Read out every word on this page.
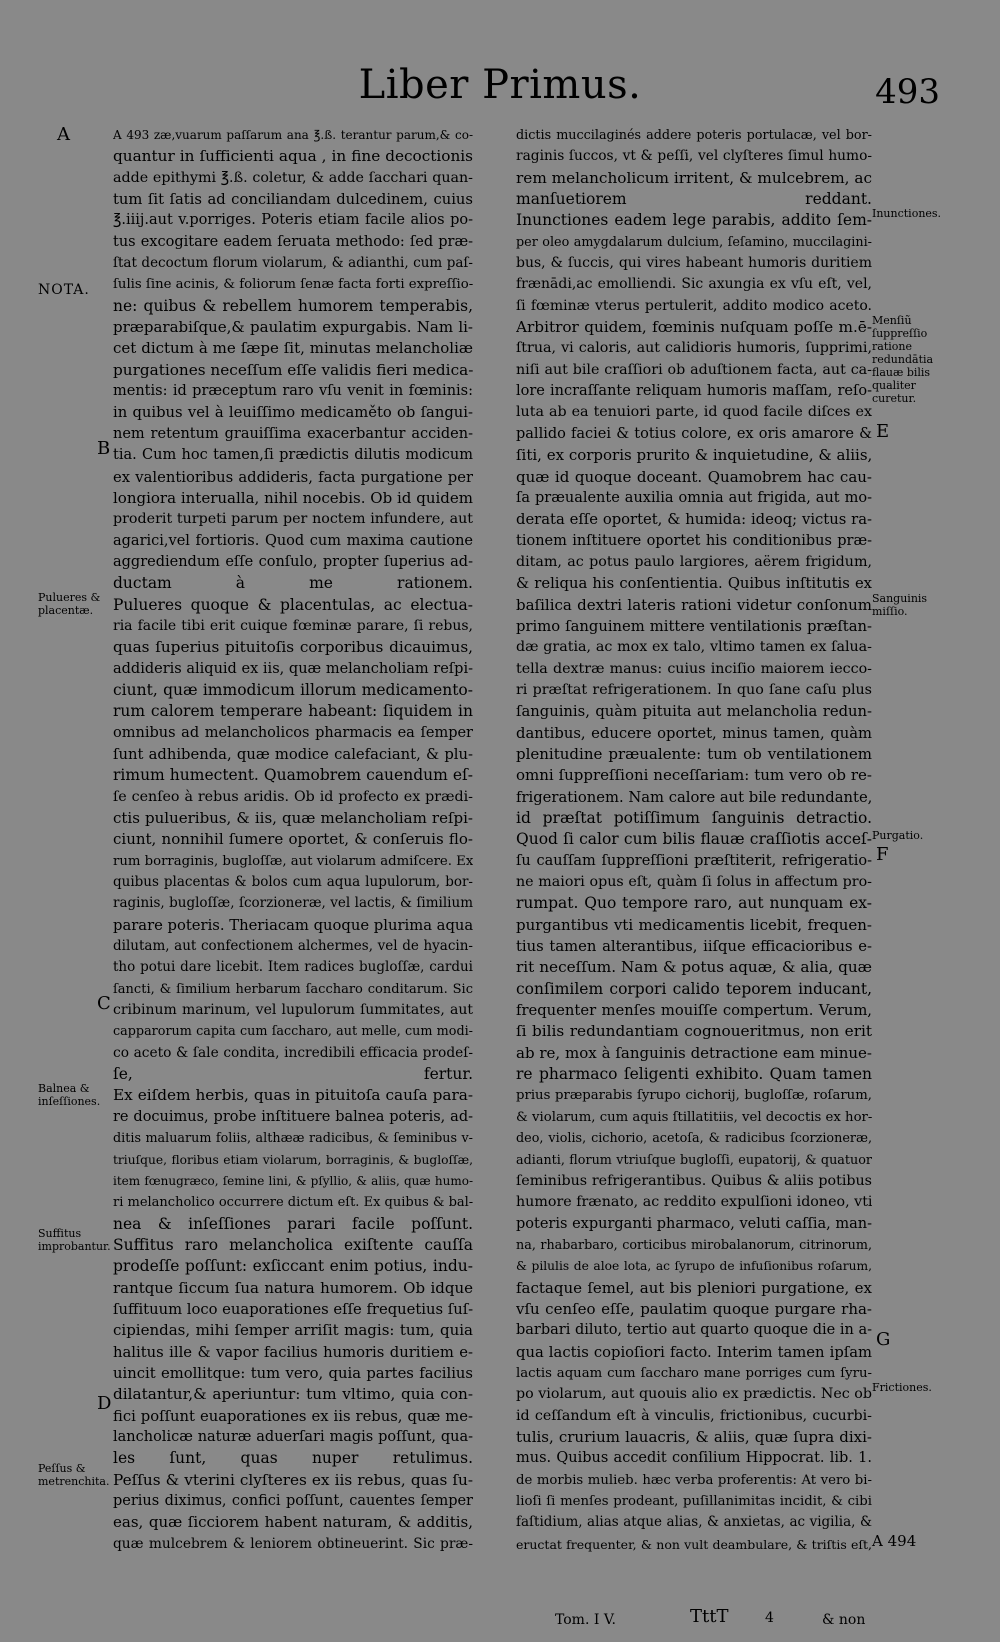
Liber Primus.	493
A 493 zæ,vuarum paſſarum ana ℥.ß. terantur parum,& co-
quantur in ſufficienti aqua , in fine decoctionis
adde epithymi ℥.ß. coletur, & adde ſacchari quan-
tum ſit ſatis ad conciliandam dulcedinem, cuius
℥.iiij.aut v.porriges. Poteris etiam facile alios po-
tus excogitare eadem ſeruata methodo: ſed præ-
ſtat decoctum florum violarum, & adianthi, cum paſ-
ſulis ſine acinis, & foliorum ſenæ facta forti expreſſio-
ne: quibus & rebellem humorem temperabis,
præparabiſque,& paulatim expurgabis. Nam li-
cet dictum à me ſæpe ſit, minutas melancholiæ
purgationes neceſſum eſſe validis fieri medica-
mentis: id præceptum raro vſu venit in fœminis:
in quibus vel à leuiſſimo medicaměto ob ſangui-
nem retentum grauiſſima exacerbantur acciden-
tia. Cum hoc tamen,ſi prædictis dilutis modicum
ex valentioribus addideris, facta purgatione per
longiora interualla, nihil nocebis. Ob id quidem
proderit turpeti parum per noctem infundere, aut
agarici,vel fortioris. Quod cum maxima cautione
aggrediendum eſſe conſulo, propter ſuperius ad-
ductam à me rationem.
Pulueres quoque & placentulas, ac electua-
ria facile tibi erit cuique fœminæ parare, ſi rebus,
quas ſuperius pituitoſis corporibus dicauimus,
addideris aliquid ex iis, quæ melancholiam reſpi-
ciunt, quæ immodicum illorum medicamento-
rum calorem temperare habeant: ſiquidem in
omnibus ad melancholicos pharmacis ea ſemper
ſunt adhibenda, quæ modice calefaciant, & plu-
rimum humectent. Quamobrem cauendum eſ-
ſe cenſeo à rebus aridis. Ob id profecto ex prædi-
ctis pulueribus, & iis, quæ melancholiam reſpi-
ciunt, nonnihil ſumere oportet, & conſeruis flo-
rum borraginis, bugloſſæ, aut violarum admiſcere. Ex
quibus placentas & bolos cum aqua lupulorum, bor-
raginis, bugloſſæ, ſcorzioneræ, vel lactis, & ſimilium
parare poteris. Theriacam quoque plurima aqua
dilutam, aut confectionem alchermes, vel de hyacin-
tho potui dare licebit. Item radices bugloſſæ, cardui
ſancti, & ſimilium herbarum ſaccharo conditarum. Sic
cribinum marinum, vel lupulorum ſummitates, aut
capparorum capita cum ſaccharo, aut melle, cum modi-
co aceto & ſale condita, incredibili efficacia prodeſ-
ſe, fertur.
Ex eiſdem herbis, quas in pituitoſa cauſa para-
re docuimus, probe inſtituere balnea poteris, ad-
ditis maluarum foliis, althææ radicibus, & ſeminibus v-
triuſque, floribus etiam violarum, borraginis, & bugloſſæ,
item fœnugræco, ſemine lini, & pſyllio, & aliis, quæ humo-
ri melancholico occurrere dictum eſt. Ex quibus & bal-
nea & inſeſſiones parari facile poſſunt.
Suffitus raro melancholica exiſtente cauſſa
prodeſſe poſſunt: exſiccant enim potius, indu-
rantque ſiccum ſua natura humorem. Ob idque
ſuffituum loco euaporationes eſſe frequetius ſuſ-
cipiendas, mihi ſemper arriſit magis: tum, quia
halitus ille & vapor facilius humoris duritiem e-
uincit emollitque: tum vero, quia partes facilius
dilatantur,& aperiuntur: tum vltimo, quia con-
fici poſſunt euaporationes ex iis rebus, quæ me-
lancholicæ naturæ aduerſari magis poſſunt, qua-
les ſunt, quas nuper retulimus.
Peſſus & vterini clyſteres ex iis rebus, quas ſu-
perius diximus, confici poſſunt, cauentes ſemper
eas, quæ ſicciorem habent naturam, & additis,
quæ mulcebrem & leniorem obtineuerint. Sic præ-
dictis muccilaginés addere poteris portulacæ, vel bor-
raginis ſuccos, vt & peſſi, vel clyſteres ſimul humo-
rem melancholicum irritent, & mulcebrem, ac
manſuetiorem reddant.
Inunctiones eadem lege parabis, addito ſem-
per oleo amygdalarum dulcium, ſeſamino, muccilagini-
bus, & ſuccis, qui vires habeant humoris duritiem
frænādi,ac emolliendi. Sic axungia ex vſu eſt, vel,
ſi fœminæ vterus pertulerit, addito modico aceto.
Arbitror quidem, fœminis nuſquam poſſe m.ē-
ſtrua, vi caloris, aut calidioris humoris, ſupprimi,
niſi aut bile craſſiori ob aduſtionem facta, aut ca-
lore incraſſante reliquam humoris maſſam, reſo-
luta ab ea tenuiori parte, id quod facile diſces ex
pallido faciei & totius colore, ex oris amarore &
ſiti, ex corporis prurito & inquietudine, & aliis,
quæ id quoque doceant. Quamobrem hac cau-
ſa præualente auxilia omnia aut frigida, aut mo-
derata eſſe oportet, & humida: ideoq; victus ra-
tionem inſtituere oportet his conditionibus præ-
ditam, ac potus paulo largiores, aërem frigidum,
& reliqua his conſentientia. Quibus inſtitutis ex
baſilica dextri lateris rationi videtur conſonum
primo ſanguinem mittere ventilationis præſtan-
dæ gratia, ac mox ex talo, vltimo tamen ex ſalua-
tella dextræ manus: cuius inciſio maiorem iecco-
ri præſtat refrigerationem. In quo ſane caſu plus
ſanguinis, quàm pituita aut melancholia redun-
dantibus, educere oportet, minus tamen, quàm
plenitudine præualente: tum ob ventilationem
omni ſuppreſſioni neceſſariam: tum vero ob re-
frigerationem. Nam calore aut bile redundante,
id præſtat potiſſimum ſanguinis detractio.
Quod ſi calor cum bilis flauæ craſſiotis acceſ-
ſu cauſſam ſuppreſſioni præſtiterit, refrigeratio-
ne maiori opus eſt, quàm ſi ſolus in affectum pro-
rumpat. Quo tempore raro, aut nunquam ex-
purgantibus vti medicamentis licebit, frequen-
tius tamen alterantibus, iiſque efficacioribus e-
rit neceſſum. Nam & potus aquæ, & alia, quæ
conſimilem corpori calido teporem inducant,
frequenter menſes mouiſſe compertum. Verum,
ſi bilis redundantiam cognoueritmus, non erit
ab re, mox à ſanguinis detractione eam minue-
re pharmaco ſeligenti exhibito. Quam tamen
prius præparabis ſyrupo cichorij, bugloſſæ, roſarum,
& violarum, cum aquis ſtillatitiis, vel decoctis ex hor-
deo, violis, cichorio, acetoſa, & radicibus ſcorzioneræ,
adianti, florum vtriuſque bugloſſi, eupatorij, & quatuor
ſeminibus refrigerantibus. Quibus & aliis potibus
humore frænato, ac reddito expulſioni idoneo, vti
poteris expurganti pharmaco, veluti caſſia, man-
na, rhabarbaro, corticibus mirobalanorum, citrinorum,
& pilulis de aloe lota, ac ſyrupo de infuſionibus roſarum,
factaque ſemel, aut bis pleniori purgatione, ex
vſu cenſeo eſſe, paulatim quoque purgare rha-
barbari diluto, tertio aut quarto quoque die in a-
qua lactis copioſiori facto. Interim tamen ipſam
lactis aquam cum ſaccharo mane porriges cum ſyru-
po violarum, aut quouis alio ex prædictis. Nec ob
id ceſſandum eſt à vinculis, frictionibus, cucurbi-
tulis, crurium lauacris, & aliis, quæ ſupra dixi-
mus. Quibus accedit conſilium Hippocrat. lib. 1.
de morbis mulieb. hæc verba proferentis: At vero bi-
lioſi ſi menſes prodeant, puſillanimitas incidit, & cibi
faſtidium, alias atque alias, & anxietas, ac vigilia, &
eructat frequenter, & non vult deambulare, & triſtis eſt,
NOTA.
Pulueres & placentæ.
Balnea & inſeſſiones.
Suffitus improbantur.
Peſſus & metrenchita.
Inunctiones.
Menſiũ ſuppreſſio ratione redundātia flauæ bilis qualiter curetur.
Sanguinis miſſio.
Purgatio.
Frictiones.
A
B
C
D
E
F
G
A 494
Tom. I V.	TttT	4	& non
